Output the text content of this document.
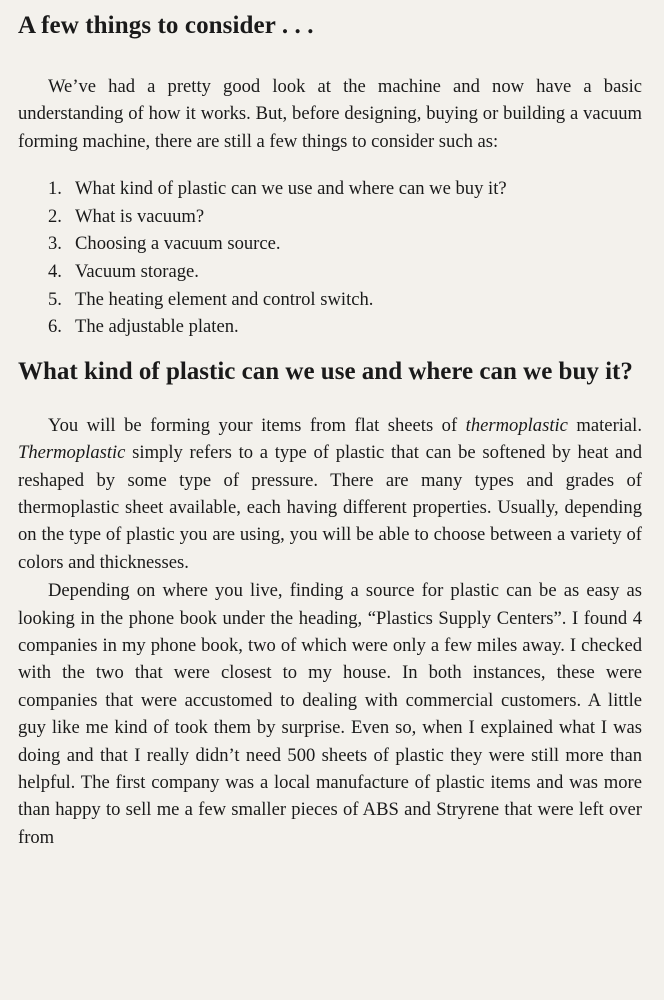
A few things to consider . . .

We’ve had a pretty good look at the machine and now have a basic understanding of how it works. But, before designing, buying or building a vacuum forming machine, there are still a few things to consider such as:

1. What kind of plastic can we use and where can we buy it?
2. What is vacuum?
3. Choosing a vacuum source.
4. Vacuum storage.
5. The heating element and control switch.
6. The adjustable platen.
What kind of plastic can we use and where can we buy it?

You will be forming your items from flat sheets of thermoplastic material. Thermoplastic simply refers to a type of plastic that can be softened by heat and reshaped by some type of pressure. There are many types and grades of thermoplastic sheet available, each having different properties. Usually, depending on the type of plastic you are using, you will be able to choose between a variety of colors and thicknesses.

Depending on where you live, finding a source for plastic can be as easy as looking in the phone book under the heading, “Plastics Supply Centers”. I found 4 companies in my phone book, two of which were only a few miles away. I checked with the two that were closest to my house. In both instances, these were companies that were accustomed to dealing with commercial customers. A little guy like me kind of took them by surprise. Even so, when I explained what I was doing and that I really didn’t need 500 sheets of plastic they were still more than helpful. The first company was a local manufacture of plastic items and was more than happy to sell me a few smaller pieces of ABS and Stryrene that were left over from
